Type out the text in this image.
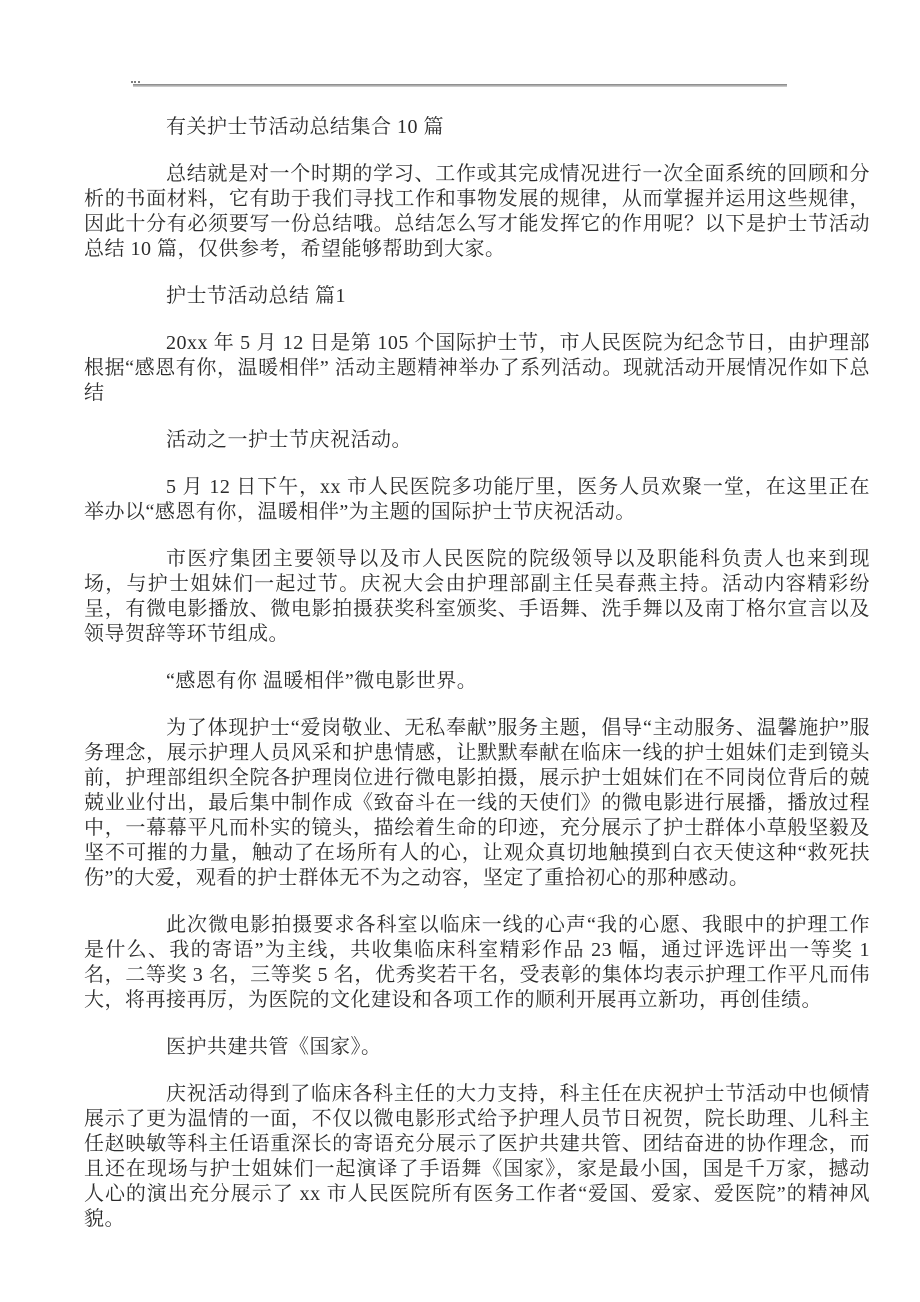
有关护士节活动总结集合 10 篇

总结就是对一个时期的学习、工作或其完成情况进行一次全面系统的回顾和分析的书面材料，它有助于我们寻找工作和事物发展的规律，从而掌握并运用这些规律，因此十分有必须要写一份总结哦。总结怎么写才能发挥它的作用呢？以下是护士节活动总结 10 篇，仅供参考，希望能够帮助到大家。

护士节活动总结 篇1

20xx 年 5 月 12 日是第 105 个国际护士节，市人民医院为纪念节日，由护理部根据“感恩有你，温暖相伴” 活动主题精神举办了系列活动。现就活动开展情况作如下总结

活动之一护士节庆祝活动。

5 月 12 日下午，xx 市人民医院多功能厅里，医务人员欢聚一堂，在这里正在举办以“感恩有你，温暖相伴”为主题的国际护士节庆祝活动。

市医疗集团主要领导以及市人民医院的院级领导以及职能科负责人也来到现场，与护士姐妹们一起过节。庆祝大会由护理部副主任吴春燕主持。活动内容精彩纷呈，有微电影播放、微电影拍摄获奖科室颁奖、手语舞、洗手舞以及南丁格尔宣言以及领导贺辞等环节组成。

“感恩有你 温暖相伴”微电影世界。

为了体现护士“爱岗敬业、无私奉献”服务主题，倡导“主动服务、温馨施护”服务理念，展示护理人员风采和护患情感，让默默奉献在临床一线的护士姐妹们走到镜头前，护理部组织全院各护理岗位进行微电影拍摄，展示护士姐妹们在不同岗位背后的兢兢业业付出，最后集中制作成《致奋斗在一线的天使们》的微电影进行展播，播放过程中，一幕幕平凡而朴实的镜头，描绘着生命的印迹，充分展示了护士群体小草般坚毅及坚不可摧的力量，触动了在场所有人的心，让观众真切地触摸到白衣天使这种“救死扶伤”的大爱，观看的护士群体无不为之动容，坚定了重拾初心的那种感动。

此次微电影拍摄要求各科室以临床一线的心声“我的心愿、我眼中的护理工作是什么、我的寄语”为主线，共收集临床科室精彩作品 23 幅，通过评选评出一等奖 1 名，二等奖 3 名，三等奖 5 名，优秀奖若干名，受表彰的集体均表示护理工作平凡而伟大，将再接再厉，为医院的文化建设和各项工作的顺利开展再立新功，再创佳绩。

医护共建共管《国家》。

庆祝活动得到了临床各科主任的大力支持，科主任在庆祝护士节活动中也倾情展示了更为温情的一面，不仅以微电影形式给予护理人员节日祝贺，院长助理、儿科主任赵映敏等科主任语重深长的寄语充分展示了医护共建共管、团结奋进的协作理念，而且还在现场与护士姐妹们一起演译了手语舞《国家》，家是最小国，国是千万家，撼动人心的演出充分展示了 xx 市人民医院所有医务工作者“爱国、爱家、爱医院”的精神风貌。
